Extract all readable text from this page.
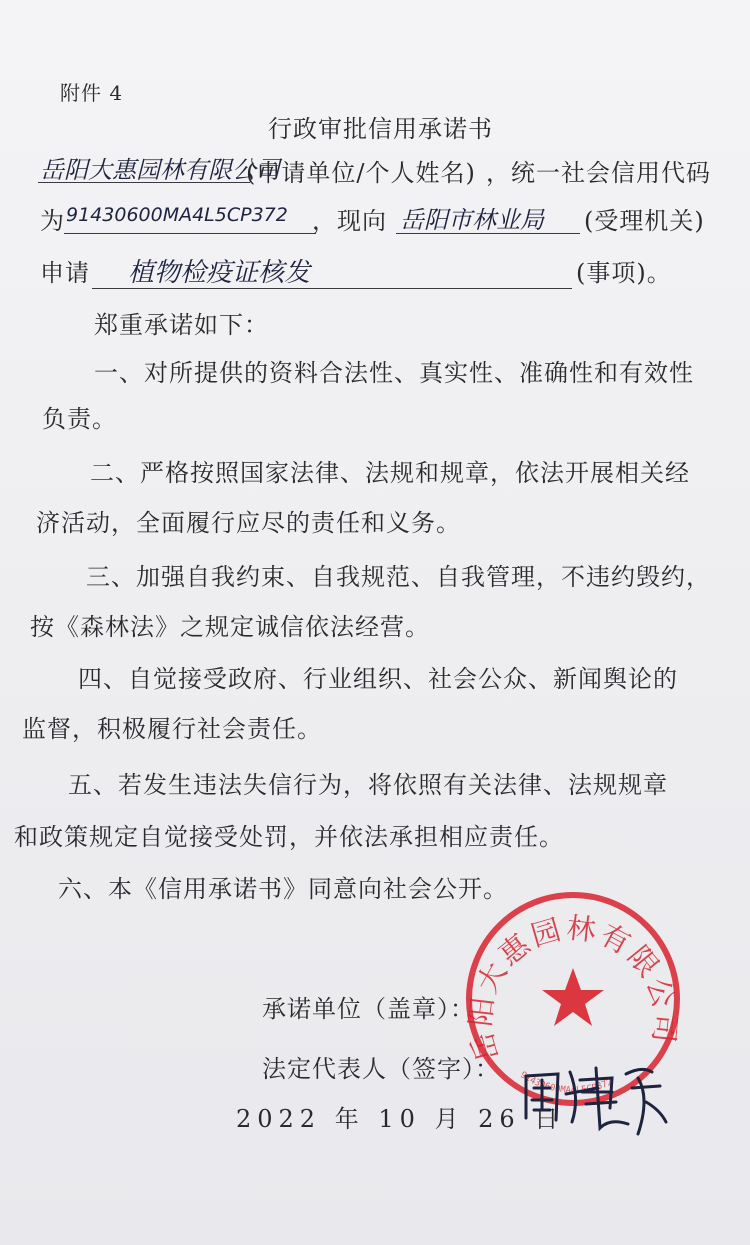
附件 4
行政审批信用承诺书
岳阳大惠园林有限公司
(申请单位/个人姓名) ，统一社会信用代码
为 91430600MA4L5CP372 ，现向 岳阳市林业局 (受理机关)
申请 植物检疫证核发	(事项)。
郑重承诺如下：
一、对所提供的资料合法性、真实性、准确性和有效性
负责。
二、严格按照国家法律、法规和规章，依法开展相关经
济活动，全面履行应尽的责任和义务。
三、加强自我约束、自我规范、自我管理，不违约毁约，
按《森林法》之规定诚信依法经营。
四、自觉接受政府、行业组织、社会公众、新闻舆论的
监督，积极履行社会责任。
五、若发生违法失信行为，将依照有关法律、法规规章
和政策规定自觉接受处罚，并依法承担相应责任。
六、本《信用承诺书》同意向社会公开。
承诺单位（盖章）：
法定代表人（签字）：
2022 年 10 月 26 日
岳阳大惠园林有限公司
91430600MA4L5CP372
